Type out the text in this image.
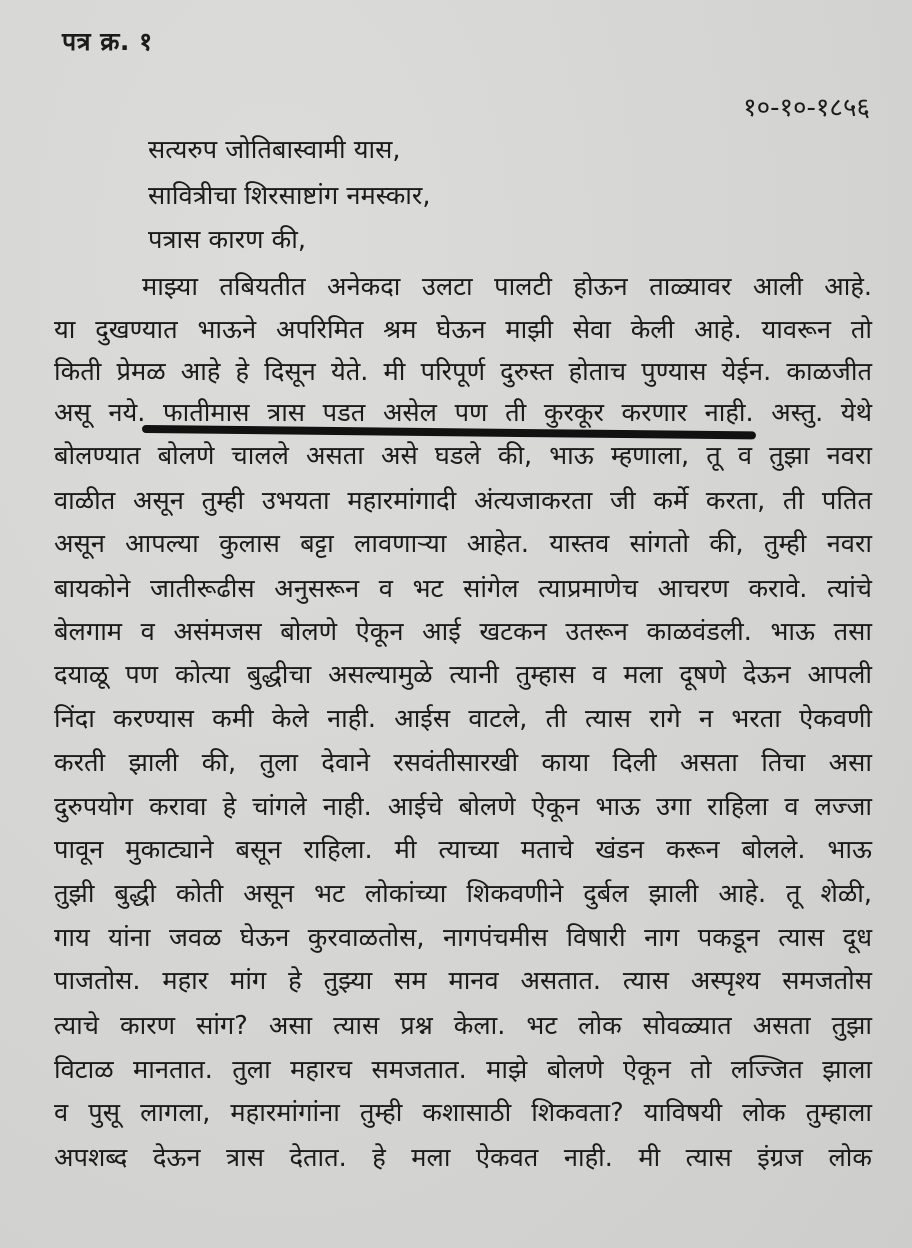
पत्र क्र. १
१०-१०-१८५६
सत्यरुप जोतिबास्वामी यास,
सावित्रीचा शिरसाष्टांग नमस्कार,
पत्रास कारण की,
माझ्या तबियतीत अनेकदा उलटा पालटी होऊन ताळ्यावर आली आहे.
या दुखण्यात भाऊने अपरिमित श्रम घेऊन माझी सेवा केली आहे. यावरून तो
किती प्रेमळ आहे हे दिसून येते. मी परिपूर्ण दुरुस्त होताच पुण्यास येईन. काळजीत
असू नये. फातीमास त्रास पडत असेल पण ती कुरकूर करणार नाही. अस्तु. येथे
बोलण्यात बोलणे चालले असता असे घडले की, भाऊ म्हणाला, तू व तुझा नवरा
वाळीत असून तुम्ही उभयता महारमांगादी अंत्यजाकरता जी कर्मे करता, ती पतित
असून आपल्या कुलास बट्टा लावणाऱ्या आहेत. यास्तव सांगतो की, तुम्ही नवरा
बायकोने जातीरूढीस अनुसरून व भट सांगेल त्याप्रमाणेच आचरण करावे. त्यांचे
बेलगाम व असंमजस बोलणे ऐकून आई खटकन उतरून काळवंडली. भाऊ तसा
दयाळू पण कोत्या बुद्धीचा असल्यामुळे त्यानी तुम्हास व मला दूषणे देऊन आपली
निंदा करण्यास कमी केले नाही. आईस वाटले, ती त्यास रागे न भरता ऐकवणी
करती झाली की, तुला देवाने रसवंतीसारखी काया दिली असता तिचा असा
दुरुपयोग करावा हे चांगले नाही. आईचे बोलणे ऐकून भाऊ उगा राहिला व लज्जा
पावून मुकाट्याने बसून राहिला. मी त्याच्या मताचे खंडन करून बोलले. भाऊ
तुझी बुद्धी कोती असून भट लोकांच्या शिकवणीने दुर्बल झाली आहे. तू शेळी,
गाय यांना जवळ घेऊन कुरवाळतोस, नागपंचमीस विषारी नाग पकडून त्यास दूध
पाजतोस. महार मांग हे तुझ्या सम मानव असतात. त्यास अस्पृश्य समजतोस
त्याचे कारण सांग? असा त्यास प्रश्न केला. भट लोक सोवळ्यात असता तुझा
विटाळ मानतात. तुला महारच समजतात. माझे बोलणे ऐकून तो लज्जित झाला
व पुसू लागला, महारमांगांना तुम्ही कशासाठी शिकवता? याविषयी लोक तुम्हाला
अपशब्द देऊन त्रास देतात. हे मला ऐकवत नाही. मी त्यास इंग्रज लोक
